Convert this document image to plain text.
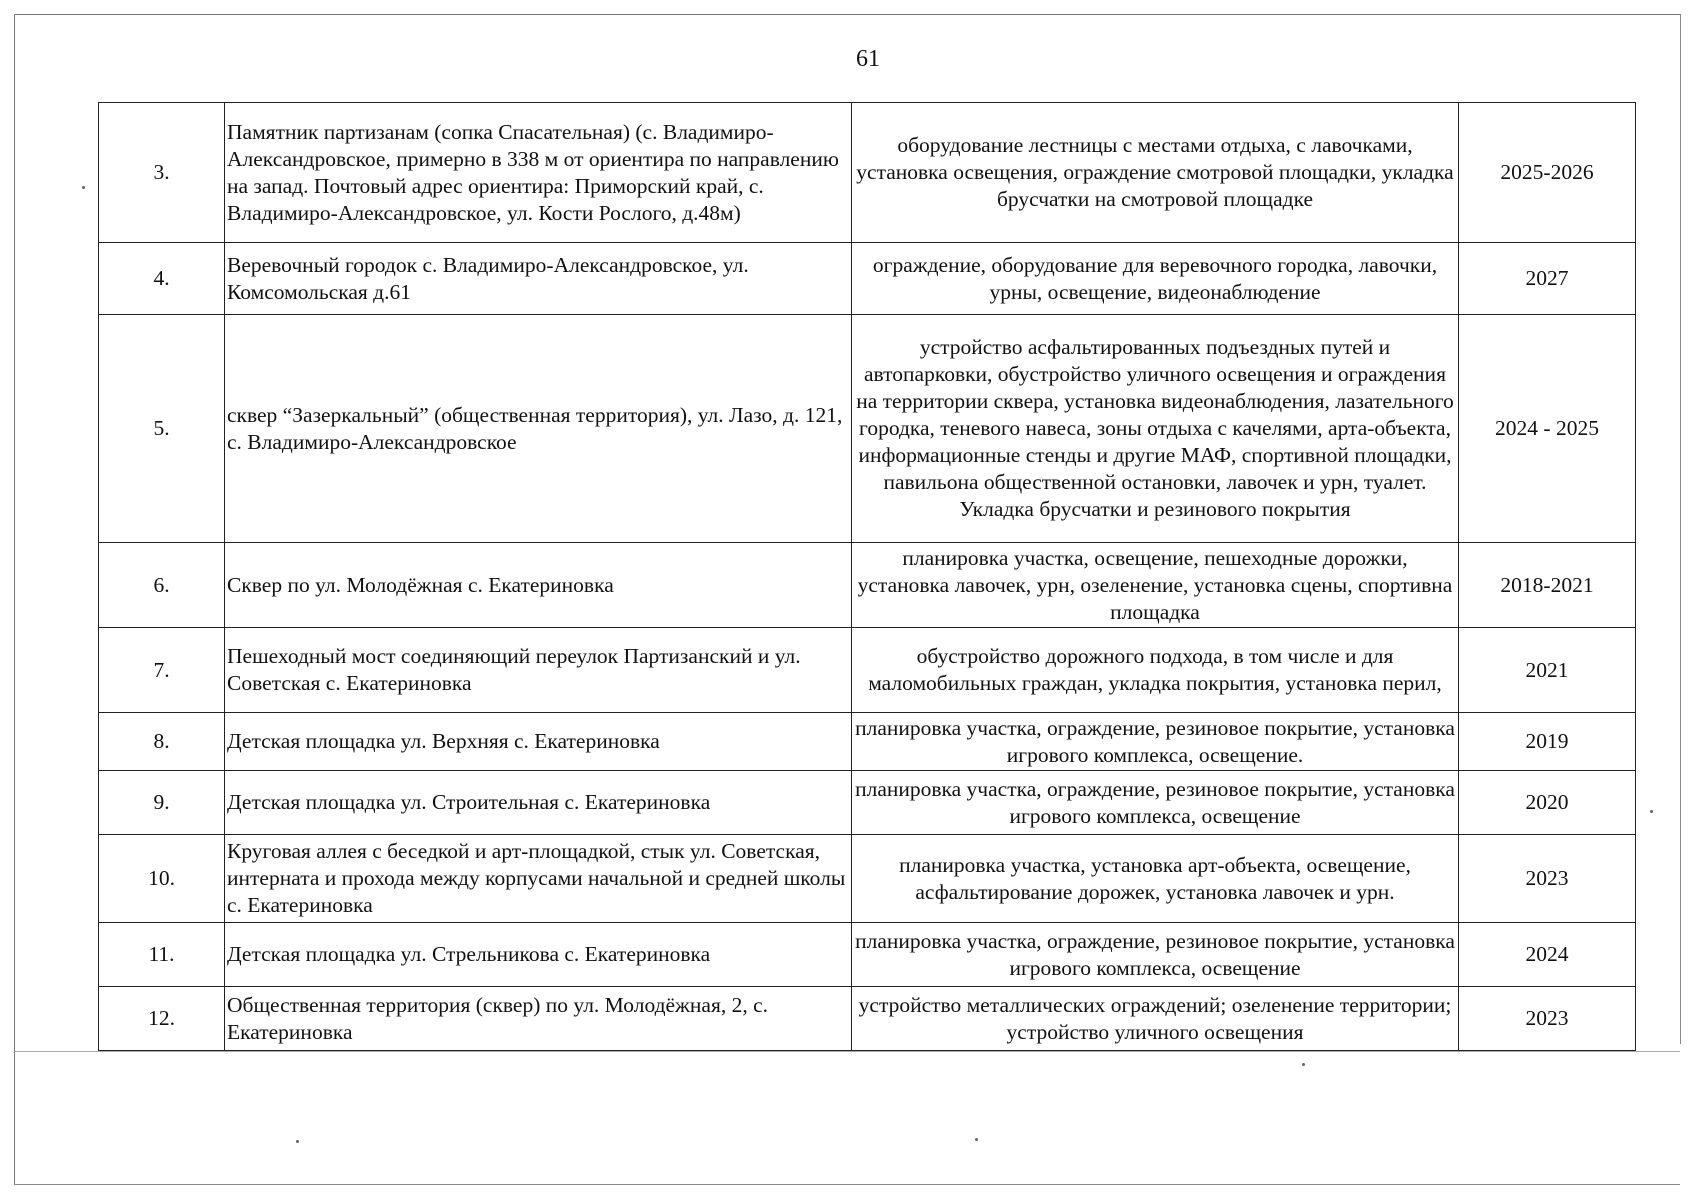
61
3.	Памятник партизанам (сопка Спасательная) (с. Владимиро-Александровское, примерно в 338 м от ориентира по направлению на запад. Почтовый адрес ориентира: Приморский край, с. Владимиро-Александровское, ул. Кости Рослого, д.48м)	оборудование лестницы с местами отдыха, с лавочками, установка освещения, ограждение смотровой площадки, укладка брусчатки на смотровой площадке	2025-2026
4.	Веревочный городок с. Владимиро-Александровское, ул. Комсомольская д.61	ограждение, оборудование для веревочного городка, лавочки, урны, освещение, видеонаблюдение	2027
5.	сквер “Зазеркальный” (общественная территория), ул. Лазо, д. 121, с. Владимиро-Александровское	устройство асфальтированных подъездных путей и автопарковки, обустройство уличного освещения и ограждения на территории сквера, установка видеонаблюдения, лазательного городка, теневого навеса, зоны отдыха с качелями, арта-объекта, информационные стенды и другие МАФ, спортивной площадки, павильона общественной остановки, лавочек и урн, туалет. Укладка брусчатки и резинового покрытия	2024 - 2025
6.	Сквер по ул. Молодёжная с. Екатериновка	планировка участка, освещение, пешеходные дорожки, установка лавочек, урн, озеленение, установка сцены, спортивна площадка	2018-2021
7.	Пешеходный мост соединяющий переулок Партизанский и ул. Советская с. Екатериновка	обустройство дорожного подхода, в том числе и для маломобильных граждан, укладка покрытия, установка перил,	2021
8.	Детская площадка ул. Верхняя с. Екатериновка	планировка участка, ограждение, резиновое покрытие, установка игрового комплекса, освещение.	2019
9.	Детская площадка ул. Строительная с. Екатериновка	планировка участка, ограждение, резиновое покрытие, установка игрового комплекса, освещение	2020
10.	Круговая аллея с беседкой и арт-площадкой, стык ул. Советская, интерната и прохода между корпусами начальной и средней школы с. Екатериновка	планировка участка, установка арт-объекта, освещение, асфальтирование дорожек, установка лавочек и урн.	2023
11.	Детская площадка ул. Стрельникова с. Екатериновка	планировка участка, ограждение, резиновое покрытие, установка игрового комплекса, освещение	2024
12.	Общественная территория (сквер) по ул. Молодёжная, 2, с. Екатериновка	устройство металлических ограждений; озеленение территории; устройство уличного освещения	2023
